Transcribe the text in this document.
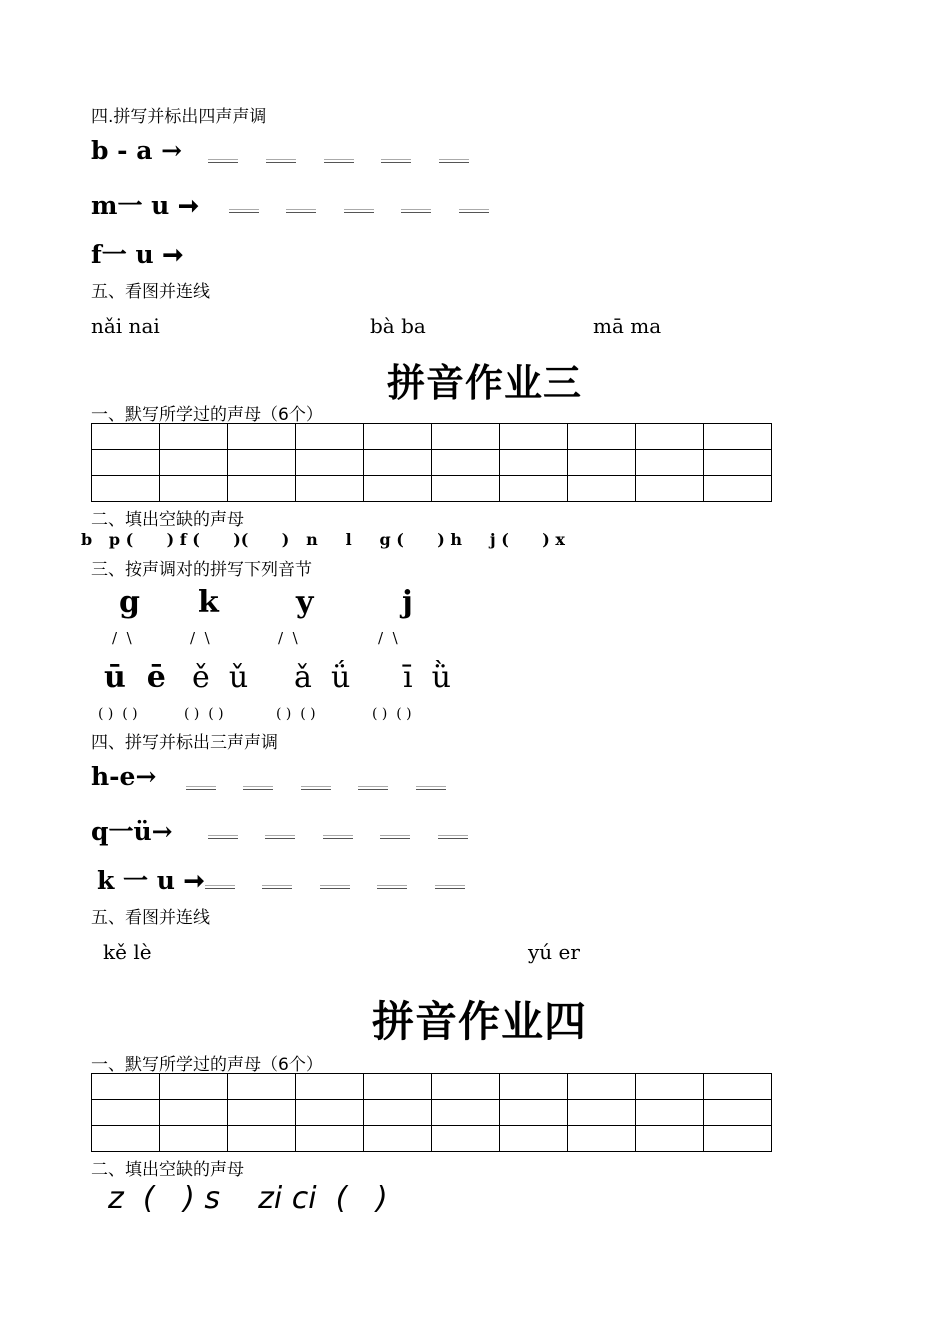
四.拼写并标出四声声调
b - a →
m一 u ➞
f一 u ➞
五、看图并连线
nǎi nai	bà ba	mā ma
拼音作业三
一、默写所学过的声母（6个）

二、填出空缺的声母
b   p (      ) f (      )(      )   n     l     g (      ) h     j (      ) x
三、按声调对的拼写下列音节
g k	y	j
/  \	/  \	/  \	/  \
ū  ē ě  ǔ ǎ  ǘ ī  ǜ
( )  ( )	( )  ( )	( )  ( )	( )  ( )
四、拼写并标出三声声调
h-e→
q一ü→
k 一 u ➞
五、看图并连线
kě lè	yú er
拼音作业四
一、默写所学过的声母（6个）

二、填出空缺的声母
z  (   ) s    zi ci  (   )
